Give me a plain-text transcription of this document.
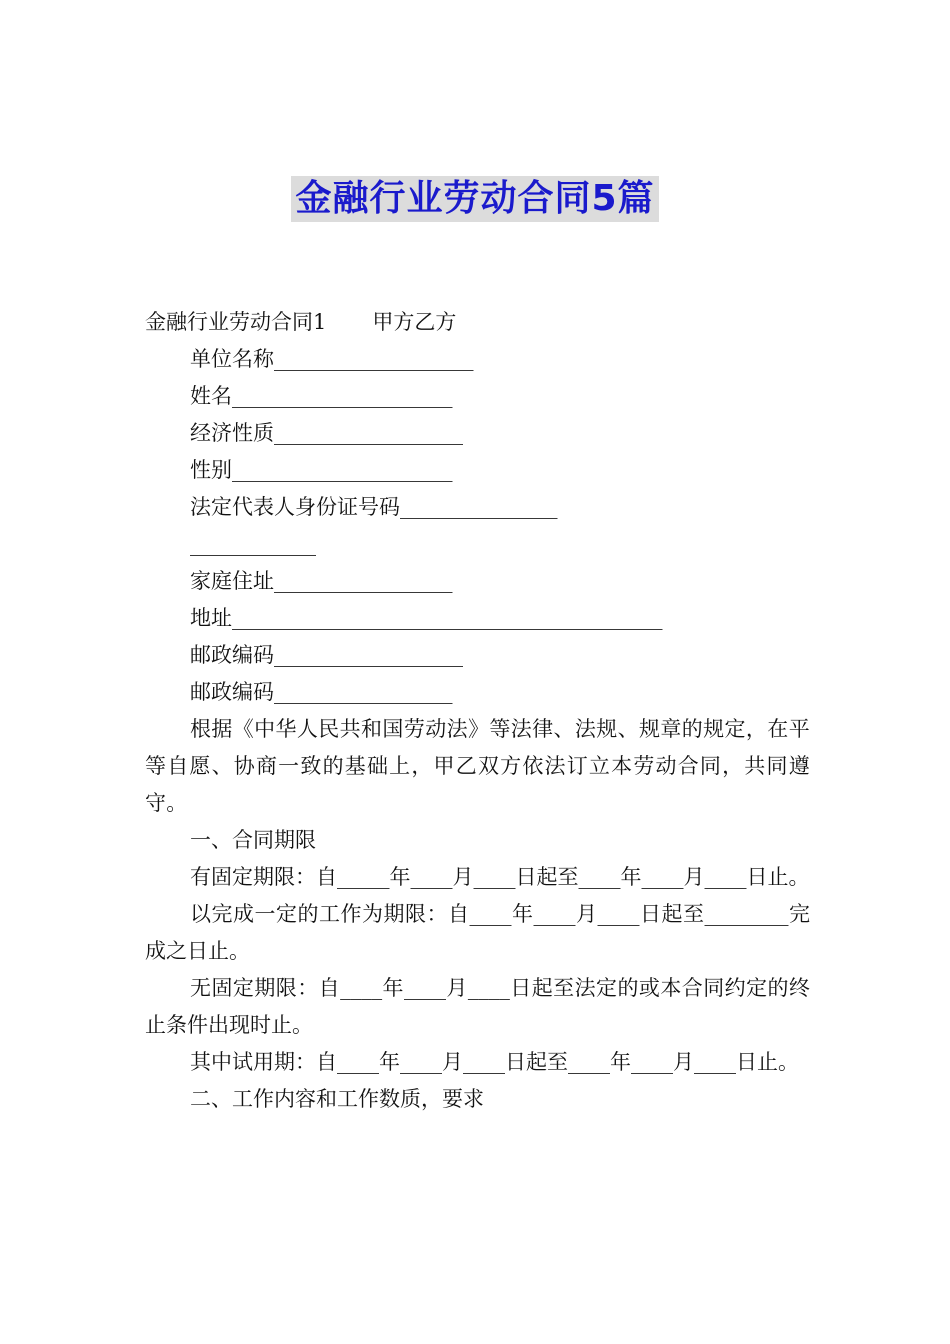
金融行业劳动合同5篇
金融行业劳动合同1 甲方乙方
单位名称___________________
姓名_____________________
经济性质__________________
性别_____________________
法定代表人身份证号码_______________
____________
家庭住址_________________
地址_________________________________________
邮政编码__________________
邮政编码_________________
根据《中华人民共和国劳动法》等法律、法规、规章的规定，在平等自愿、协商一致的基础上，甲乙双方依法订立本劳动合同，共同遵守。
一、合同期限
有固定期限：自_____年____月____日起至____年____月____日止。
以完成一定的工作为期限：自____年____月____日起至________完成之日止。
无固定期限：自____年____月____日起至法定的或本合同约定的终止条件出现时止。
其中试用期：自____年____月____日起至____年____月____日止。
二、工作内容和工作数质，要求
